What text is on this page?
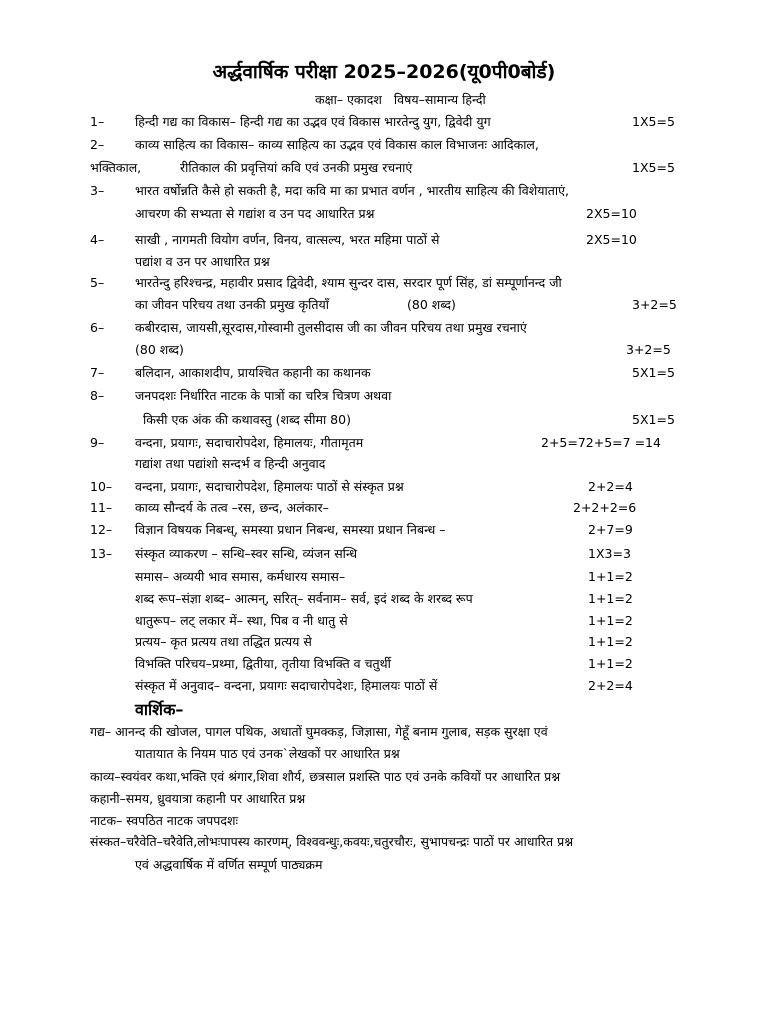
अर्द्धवार्षिक परीक्षा 2025–2026(यू0पी0बोर्ड)
कक्षा– एकादश विषय–सामान्य हिन्दी
1– हिन्दी गद्य का विकास– हिन्दी गद्य का उद्भव एवं विकास भारतेन्दु युग, द्विवेदी युग	1X5=5
2– काव्य साहित्य का विकास– काव्य साहित्य का उद्भव एवं विकास काल विभाजनः आदिकाल,
भक्तिकाल,	रीतिकाल की प्रवृत्तियां कवि एवं उनकी प्रमुख रचनाएं	1X5=5
3– भारत वर्षोन्नति कैसे हो सकती है, मदा कवि मा का प्रभात वर्णन , भारतीय साहित्य की विशेयाताएं,
आचरण की सभ्यता से गद्यांश व उन पद आधारित प्रश्न	2X5=10
4– साखी , नागमती वियोग वर्णन, विनय, वात्सल्य, भरत महिमा पाठों से	2X5=10
पद्यांश व उन पर आधारित प्रश्न
5– भारतेन्दु हरिश्चन्द्र, महावीर प्रसाद द्विवेदी, श्याम सुन्दर दास, सरदार पूर्ण सिंह, डां सम्पूर्णानन्द जी
का जीवन परिचय तथा उनकी प्रमुख कृतियाँ	(80 शब्द)	3+2=5
6– कबीरदास, जायसी,सूरदास,गोस्वामी तुलसीदास जी का जीवन परिचय तथा प्रमुख रचनाएं
(80 शब्द)	3+2=5
7– बलिदान, आकाशदीप, प्रायश्चित कहानी का कथानक	5X1=5
8– जनपदशः निर्धारित नाटक के पात्रों का चरित्र चित्रण अथवा
किसी एक अंक की कथावस्तु (शब्द सीमा 80)	5X1=5
9– वन्दना, प्रयागः, सदाचारोपदेश, हिमालयः, गीतामृतम	2+5=72+5=7 =14
गद्यांश तथा पद्यांशो सन्दर्भ व हिन्दी अनुवाद
10– वन्दना, प्रयागः, सदाचारोपदेश, हिमालयः पाठों से संस्कृत प्रश्न	2+2=4
11– काव्य सौन्दर्य के तत्व –रस, छन्द, अलंकार–	2+2+2=6
12– विज्ञान विषयक निबन्ध्, समस्या प्रधान निबन्ध, समस्या प्रधान निबन्ध –	2+7=9
13– संस्कृत व्याकरण – सन्धि–स्वर सन्धि, व्यंजन सन्धि	1X3=3
समास– अव्ययी भाव समास, कर्मधारय समास–	1+1=2
शब्द रूप–संज्ञा शब्द– आत्मन्, सरित्– सर्वनाम– सर्व, इदं शब्द के शरब्द रूप	1+1=2
धातुरूप– लट् लकार में– स्था, पिब व नी धातु से	1+1=2
प्रत्यय– कृत प्रत्यय तथा तद्धित प्रत्यय से	1+1=2
विभक्ति परिचय–प्रथ्मा, द्वितीया, तृतीया विभक्ति व चतुर्थी	1+1=2
संस्कृत में अनुवाद– वन्दना, प्रयागः सदाचारोपदेशः, हिमालयः पाठों सें	2+2=4
वार्शिक–
गद्य– आनन्द की खोजल, पागल पथिक, अधातों घुमक्कड़, जिज्ञासा, गेहूँ बनाम गुलाब, सड़क सुरक्षा एवं
यातायात के नियम पाठ एवं उनक`लेखकों पर आधारित प्रश्न
काव्य–स्वयंवर कथा,भक्ति एवं श्रंगार,शिवा शौर्य, छत्रसाल प्रशस्ति पाठ एवं उनके कवियों पर आधारित प्रश्न
कहानी–समय, ध्रुवयात्रा कहानी पर आधारित प्रश्न
नाटक– स्वपठित नाटक जपपदशः
संस्कत–चरैवेति–चरैवेति,लोभःपापस्य कारणम्, विश्ववन्धुः,कवयः,चतुरचौरः, सुभापचन्द्रः पाठों पर आधारित प्रश्न
एवं अद्धवार्षिक में वर्णित सम्पूर्ण पाठ्यक्रम
